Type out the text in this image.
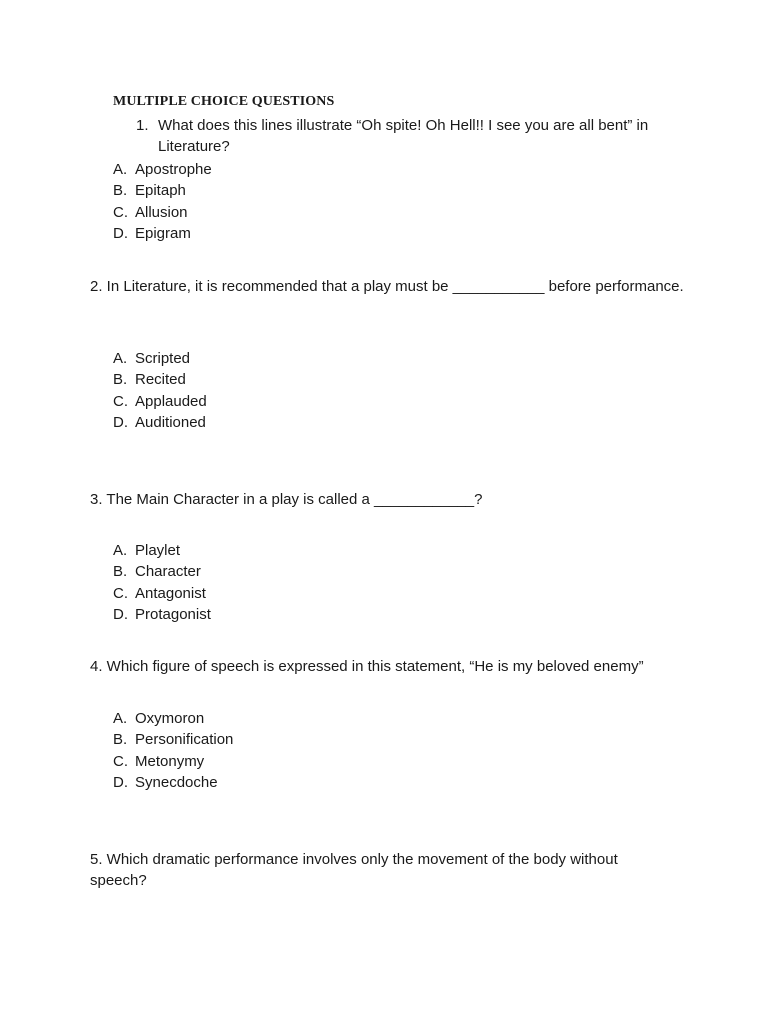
MULTIPLE CHOICE QUESTIONS
1. What does this lines illustrate “Oh spite! Oh Hell!! I see you are all bent” in Literature?
A. Apostrophe
B. Epitaph
C. Allusion
D. Epigram
2. In Literature, it is recommended that a play must be ___________ before performance.
A. Scripted
B. Recited
C. Applauded
D. Auditioned
3. The Main Character in a play is called a ____________?
A. Playlet
B. Character
C. Antagonist
D. Protagonist
4. Which figure of speech is expressed in this statement, “He is my beloved enemy”
A. Oxymoron
B. Personification
C. Metonymy
D. Synecdoche
5. Which dramatic performance involves only the movement of the body without speech?
